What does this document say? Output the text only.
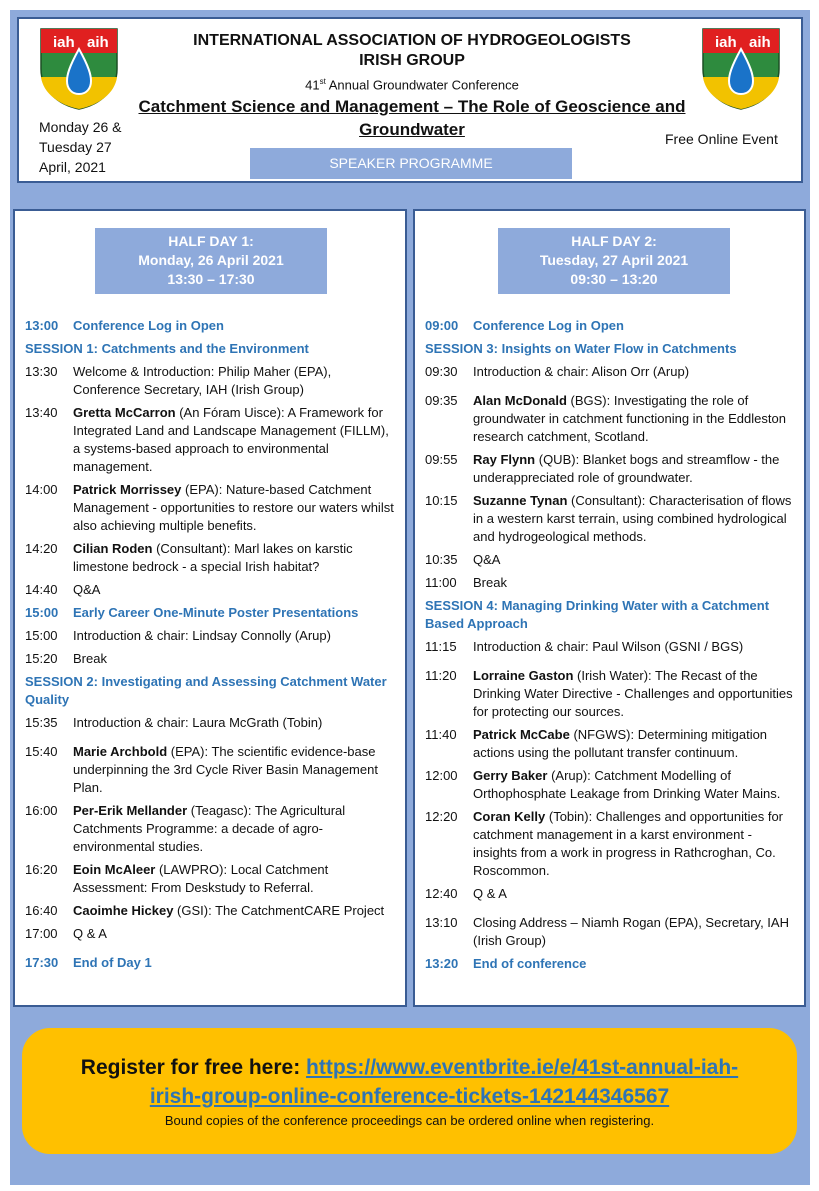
iah aih	INTERNATIONAL ASSOCIATION OF HYDROGEOLOGISTS
IRISH GROUP
41st Annual Groundwater Conference
Catchment Science and Management – The Role of Geoscience and Groundwater
Monday 26 &
Tuesday 27
April, 2021
Free Online Event
iah aih
SPEAKER PROGRAMME
HALF DAY 1:
Monday, 26 April 2021
13:30 – 17:30
13:00	Conference Log in Open
SESSION 1: Catchments and the Environment
13:30	Welcome & Introduction: Philip Maher (EPA), Conference Secretary, IAH (Irish Group)
13:40	Gretta McCarron (An Fóram Uisce): A Framework for Integrated Land and Landscape Management (FILLM), a systems-based approach to environmental management.
14:00	Patrick Morrissey (EPA): Nature-based Catchment Management - opportunities to restore our waters whilst also achieving multiple benefits.
14:20	Cilian Roden (Consultant): Marl lakes on karstic limestone bedrock - a special Irish habitat?
14:40	Q&A
15:00	Early Career One-Minute Poster Presentations
15:00	Introduction & chair: Lindsay Connolly (Arup)
15:20	Break
SESSION 2: Investigating and Assessing Catchment Water Quality
15:35	Introduction & chair: Laura McGrath (Tobin)
15:40	Marie Archbold (EPA): The scientific evidence-base underpinning the 3rd Cycle River Basin Management Plan.
16:00	Per-Erik Mellander (Teagasc): The Agricultural Catchments Programme: a decade of agro-environmental studies.
16:20	Eoin McAleer (LAWPRO): Local Catchment Assessment: From Deskstudy to Referral.
16:40	Caoimhe Hickey (GSI): The CatchmentCARE Project
17:00	Q & A
17:30	End of Day 1
HALF DAY 2:
Tuesday, 27 April 2021
09:30 – 13:20
09:00	Conference Log in Open
SESSION 3: Insights on Water Flow in Catchments
09:30	Introduction & chair: Alison Orr (Arup)
09:35	Alan McDonald (BGS): Investigating the role of groundwater in catchment functioning in the Eddleston research catchment, Scotland.
09:55	Ray Flynn (QUB): Blanket bogs and streamflow - the underappreciated role of groundwater.
10:15	Suzanne Tynan (Consultant): Characterisation of flows in a western karst terrain, using combined hydrological and hydrogeological methods.
10:35	Q&A
11:00	Break
SESSION 4: Managing Drinking Water with a Catchment Based Approach
11:15	Introduction & chair: Paul Wilson (GSNI / BGS)
11:20	Lorraine Gaston (Irish Water): The Recast of the Drinking Water Directive - Challenges and opportunities for protecting our sources.
11:40	Patrick McCabe (NFGWS): Determining mitigation actions using the pollutant transfer continuum.
12:00	Gerry Baker (Arup): Catchment Modelling of Orthophosphate Leakage from Drinking Water Mains.
12:20	Coran Kelly (Tobin): Challenges and opportunities for catchment management in a karst environment - insights from a work in progress in Rathcroghan, Co. Roscommon.
12:40	Q & A
13:10	Closing Address – Niamh Rogan (EPA), Secretary, IAH (Irish Group)
13:20	End of conference
Register for free here: https://www.eventbrite.ie/e/41st-annual-iah-
irish-group-online-conference-tickets-142144346567
Bound copies of the conference proceedings can be ordered online when registering.
